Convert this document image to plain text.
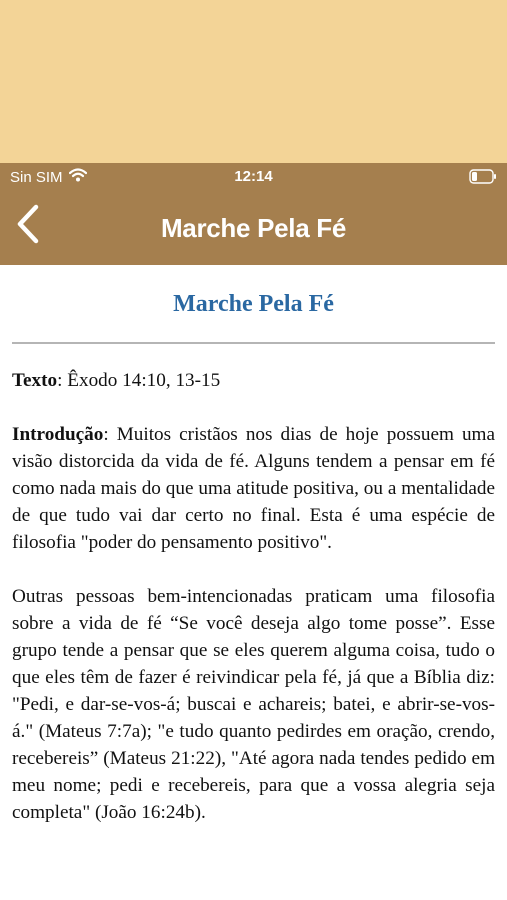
Sin SIM	12:14
Marche Pela Fé
Marche Pela Fé

Texto: Êxodo 14:10, 13-15

Introdução: Muitos cristãos nos dias de hoje possuem uma visão distorcida da vida de fé. Alguns tendem a pensar em fé como nada mais do que uma atitude positiva, ou a mentalidade de que tudo vai dar certo no final. Esta é uma espécie de filosofia "poder do pensamento positivo".

Outras pessoas bem-intencionadas praticam uma filosofia sobre a vida de fé “Se você deseja algo tome posse”. Esse grupo tende a pensar que se eles querem alguma coisa, tudo o que eles têm de fazer é reivindicar pela fé, já que a Bíblia diz: "Pedi, e dar-se-vos-á; buscai e achareis; batei, e abrir-se-vos-á." (Mateus 7:7a); "e tudo quanto pedirdes em oração, crendo, recebereis” (Mateus 21:22), "Até agora nada tendes pedido em meu nome; pedi e recebereis, para que a vossa alegria seja completa" (João 16:24b).
